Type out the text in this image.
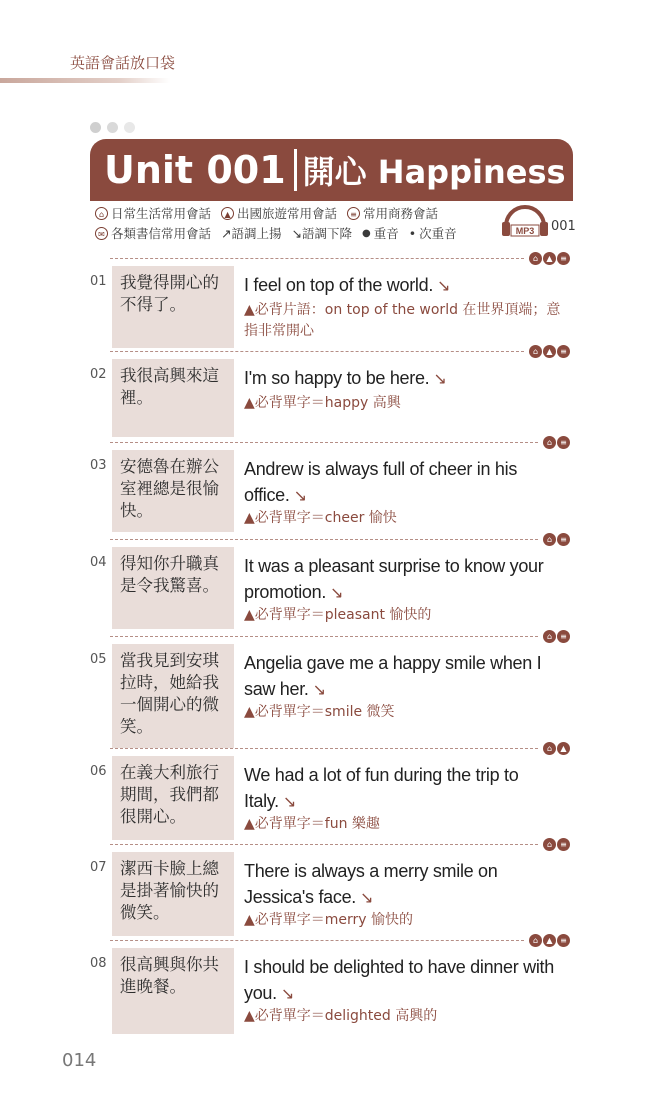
英語會話放口袋
Unit 001 開心 Happiness
⌂ 日常生活常用會話	▲ 出國旅遊常用會話	≡ 常用商務會話
✉ 各類書信常用會話 ↗ 語調上揚 ↘ 語調下降 ● 重音 • 次重音	MP3 001
⌂	▲ ≡
01 我覺得開心的不得了。
I feel on top of the world. ↘
▲必背片語：on top of the world 在世界頂端；意指非常開心
⌂	▲ ≡
02 我很高興來這裡。
I'm so happy to be here. ↘
▲必背單字＝happy 高興
⌂	≡
03 安德魯在辦公室裡總是很愉快。
Andrew is always full of cheer in his office. ↘
▲必背單字＝cheer 愉快
⌂	≡
04 得知你升職真是令我驚喜。
It was a pleasant surprise to know your promotion. ↘
▲必背單字＝pleasant 愉快的
⌂	≡
05 當我見到安琪拉時，她給我一個開心的微笑。
Angelia gave me a happy smile when I saw her. ↘
▲必背單字＝smile 微笑
⌂	▲
06 在義大利旅行期間，我們都很開心。
We had a lot of fun during the trip to Italy. ↘
▲必背單字＝fun 樂趣
⌂	≡
07 潔西卡臉上總是掛著愉快的微笑。
There is always a merry smile on Jessica's face. ↘
▲必背單字＝merry 愉快的
⌂	▲ ≡
08 很高興與你共進晚餐。
I should be delighted to have dinner with you. ↘
▲必背單字＝delighted 高興的
014
